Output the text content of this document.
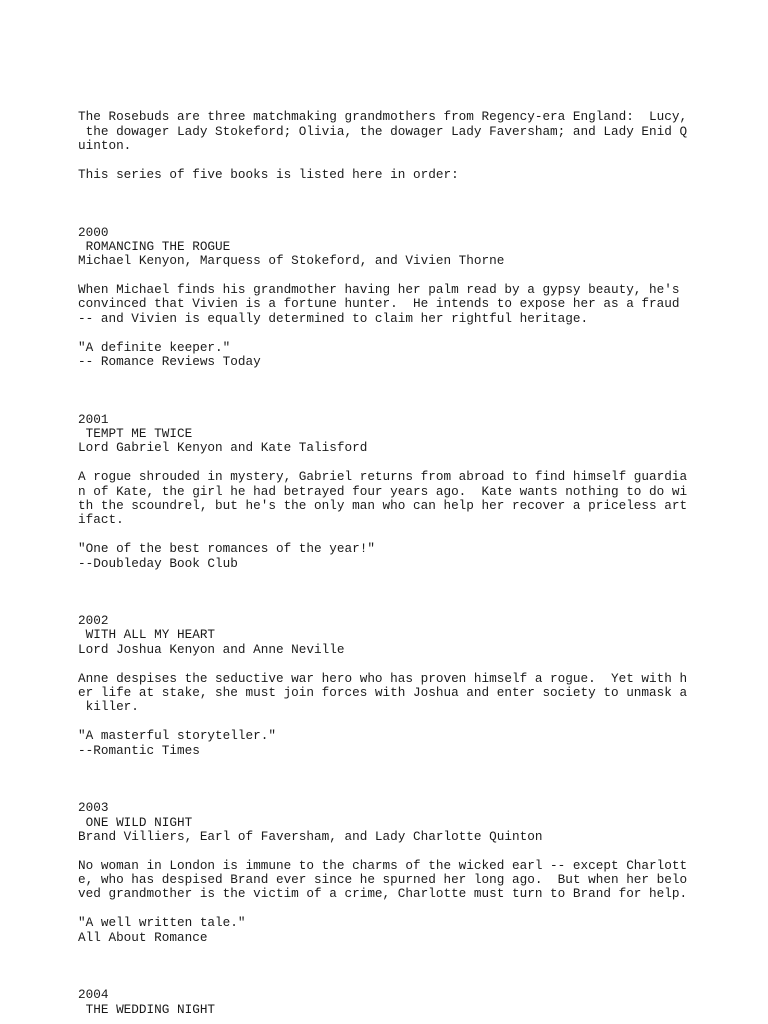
The Rosebuds are three matchmaking grandmothers from Regency-era England:  Lucy,
the dowager Lady Stokeford; Olivia, the dowager Lady Faversham; and Lady Enid Q
uinton.
This series of five books is listed here in order:
2000
ROMANCING THE ROGUE
Michael Kenyon, Marquess of Stokeford, and Vivien Thorne
When Michael finds his grandmother having her palm read by a gypsy beauty, he's
convinced that Vivien is a fortune hunter.  He intends to expose her as a fraud
-- and Vivien is equally determined to claim her rightful heritage.
"A definite keeper."
-- Romance Reviews Today
2001
TEMPT ME TWICE
Lord Gabriel Kenyon and Kate Talisford
A rogue shrouded in mystery, Gabriel returns from abroad to find himself guardia
n of Kate, the girl he had betrayed four years ago.  Kate wants nothing to do wi
th the scoundrel, but he's the only man who can help her recover a priceless art
ifact.
"One of the best romances of the year!"
--Doubleday Book Club
2002
WITH ALL MY HEART
Lord Joshua Kenyon and Anne Neville
Anne despises the seductive war hero who has proven himself a rogue.  Yet with h
er life at stake, she must join forces with Joshua and enter society to unmask a
killer.
"A masterful storyteller."
--Romantic Times
2003
ONE WILD NIGHT
Brand Villiers, Earl of Faversham, and Lady Charlotte Quinton
No woman in London is immune to the charms of the wicked earl -- except Charlott
e, who has despised Brand ever since he spurned her long ago.  But when her belo
ved grandmother is the victim of a crime, Charlotte must turn to Brand for help.
"A well written tale."
All About Romance
2004
THE WEDDING NIGHT
